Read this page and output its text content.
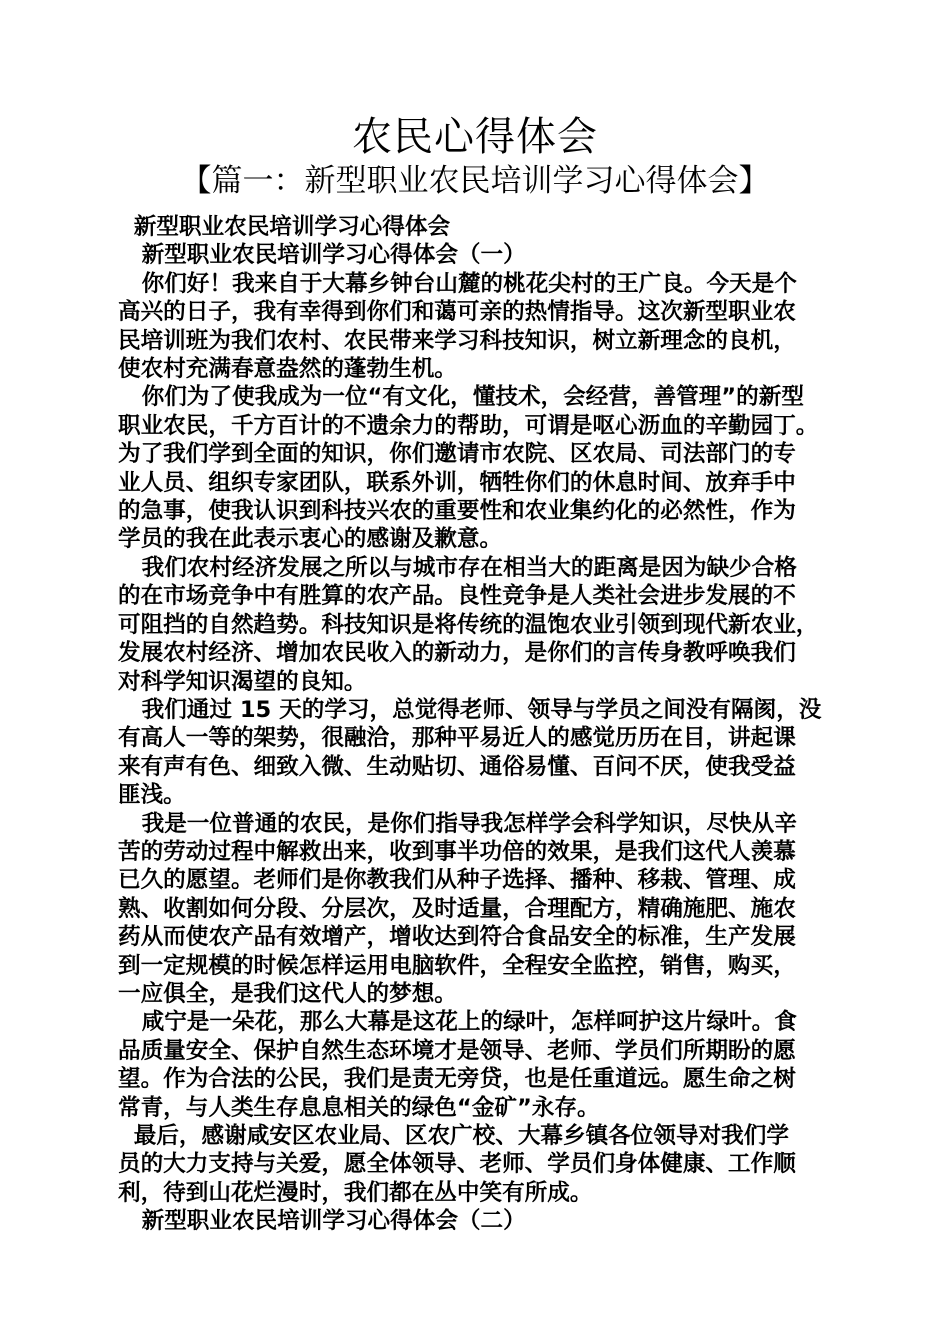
农民心得体会
【篇一：新型职业农民培训学习心得体会】
新型职业农民培训学习心得体会
新型职业农民培训学习心得体会（一）
你们好！我来自于大幕乡钟台山麓的桃花尖村的王广良。今天是个
高兴的日子，我有幸得到你们和蔼可亲的热情指导。这次新型职业农
民培训班为我们农村、农民带来学习科技知识，树立新理念的良机，
使农村充满春意盎然的蓬勃生机。
你们为了使我成为一位“有文化，懂技术，会经营，善管理”的新型
职业农民，千方百计的不遗余力的帮助，可谓是呕心沥血的辛勤园丁。
为了我们学到全面的知识，你们邀请市农院、区农局、司法部门的专
业人员、组织专家团队，联系外训，牺牲你们的休息时间、放弃手中
的急事，使我认识到科技兴农的重要性和农业集约化的必然性，作为
学员的我在此表示衷心的感谢及歉意。
我们农村经济发展之所以与城市存在相当大的距离是因为缺少合格
的在市场竞争中有胜算的农产品。良性竞争是人类社会进步发展的不
可阻挡的自然趋势。科技知识是将传统的温饱农业引领到现代新农业，
发展农村经济、增加农民收入的新动力，是你们的言传身教呼唤我们
对科学知识渴望的良知。
我们通过 15 天的学习，总觉得老师、领导与学员之间没有隔阂，没
有高人一等的架势，很融洽，那种平易近人的感觉历历在目，讲起课
来有声有色、细致入微、生动贴切、通俗易懂、百问不厌，使我受益
匪浅。
我是一位普通的农民，是你们指导我怎样学会科学知识，尽快从辛
苦的劳动过程中解救出来，收到事半功倍的效果，是我们这代人羡慕
已久的愿望。老师们是你教我们从种子选择、播种、移栽、管理、成
熟、收割如何分段、分层次，及时适量，合理配方，精确施肥、施农
药从而使农产品有效增产，增收达到符合食品安全的标准，生产发展
到一定规模的时候怎样运用电脑软件，全程安全监控，销售，购买，
一应俱全，是我们这代人的梦想。
咸宁是一朵花，那么大幕是这花上的绿叶，怎样呵护这片绿叶。食
品质量安全、保护自然生态环境才是领导、老师、学员们所期盼的愿
望。作为合法的公民，我们是责无旁贷，也是任重道远。愿生命之树
常青，与人类生存息息相关的绿色“金矿”永存。
最后，感谢咸安区农业局、区农广校、大幕乡镇各位领导对我们学
员的大力支持与关爱，愿全体领导、老师、学员们身体健康、工作顺
利，待到山花烂漫时，我们都在丛中笑有所成。
新型职业农民培训学习心得体会（二）
